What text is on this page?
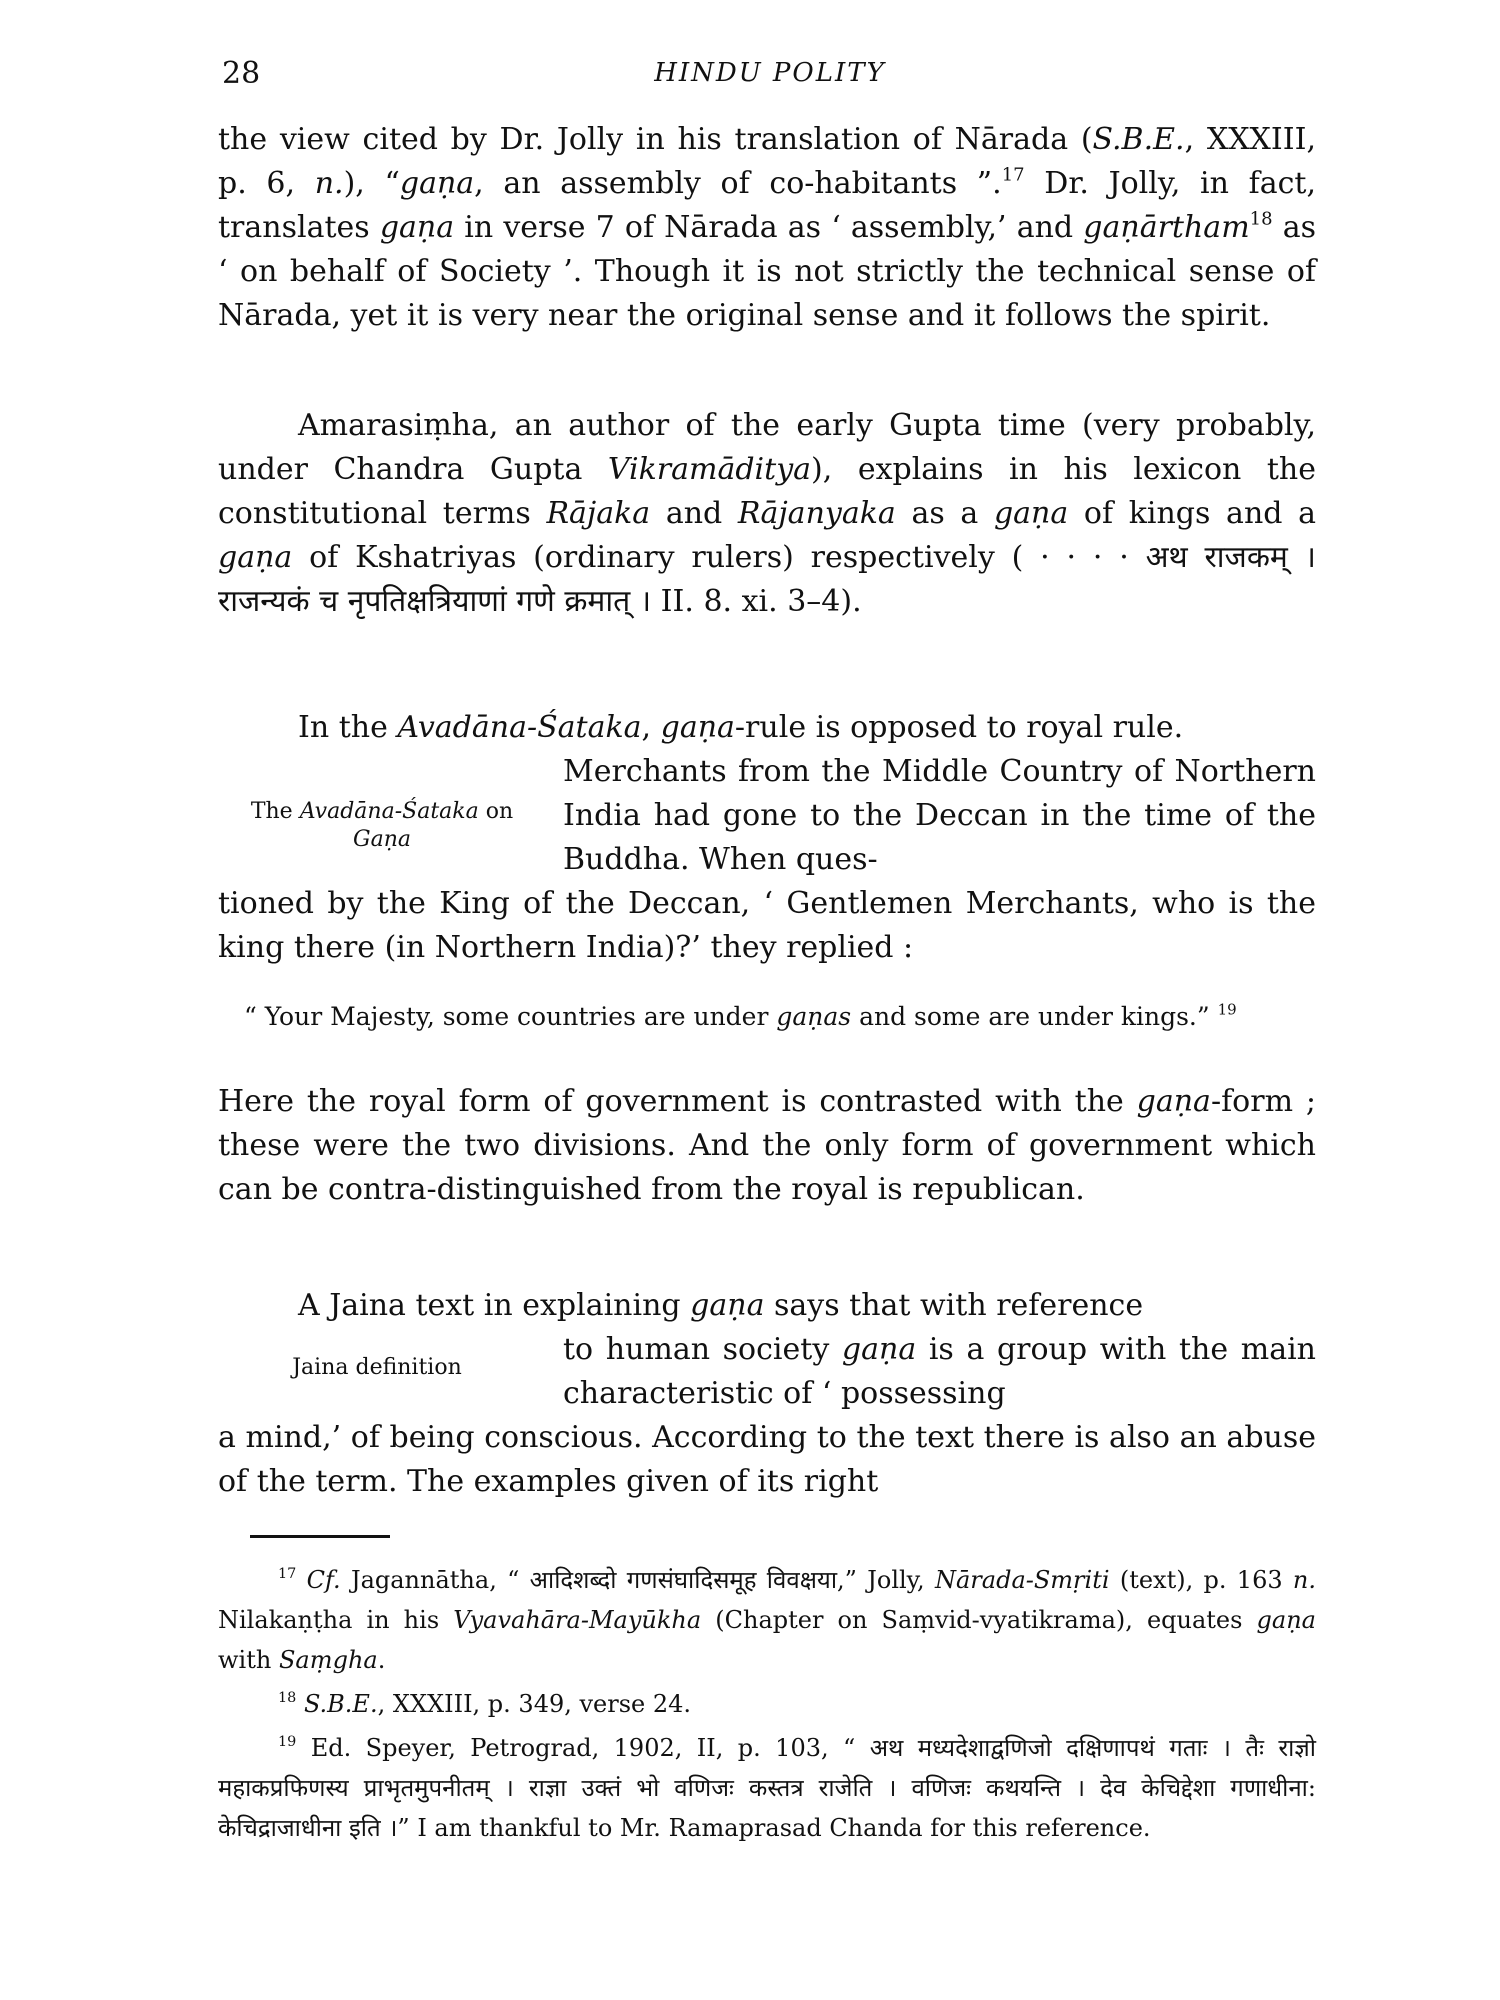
28	HINDU POLITY

the view cited by Dr. Jolly in his translation of Nārada (S.B.E., XXXIII, p. 6, n.), “gaṇa, an assembly of co-habitants ”.$^{17}$ Dr. Jolly, in fact, translates gaṇa in verse 7 of Nārada as ‘ assembly,’ and gaṇārtham$^{18}$ as ‘ on behalf of Society ’. Though it is not strictly the technical sense of Nārada, yet it is very near the original sense and it follows the spirit.

Amarasiṃha, an author of the early Gupta time (very probably, under Chandra Gupta Vikramāditya), explains in his lexicon the constitutional terms Rājaka and Rājanyaka as a gaṇa of kings and a gaṇa of Kshatriyas (ordinary rulers) respectively ( · · · · अथ राजकम् । राजन्यकं च नृपतिक्षत्रियाणां गणे क्रमात् । II. 8. xi. 3–4).

In the Avadāna-Śataka, gaṇa-rule is opposed to royal rule.

Merchants from the Middle Country of Northern India had gone to the Deccan in the time of the Buddha. When ques-

tioned by the King of the Deccan, ‘ Gentlemen Merchants, who is the king there (in Northern India)?’ they replied :

The Avadāna-Śataka on Gaṇa

“ Your Majesty, some countries are under gaṇas and some are under kings.” $^{19}$

Here the royal form of government is contrasted with the gaṇa-form ; these were the two divisions. And the only form of government which can be contra-distinguished from the royal is republican.

A Jaina text in explaining gaṇa says that with reference

to human society gaṇa is a group with the main characteristic of ‘ possessing

a mind,’ of being conscious. According to the text there is also an abuse of the term. The examples given of its right

Jaina definition

$^{17}$ Cf. Jagannātha, “ आदिशब्दो गणसंघादिसमूह विवक्षया,” Jolly, Nārada-Smṛiti (text), p. 163 n. Nilakaṇṭha in his Vyavahāra-Mayūkha (Chapter on Saṃvid-vyatikrama), equates gaṇa with Saṃgha.

$^{18}$ S.B.E., XXXIII, p. 349, verse 24.

$^{19}$ Ed. Speyer, Petrograd, 1902, II, p. 103, “ अथ मध्यदेशाद्वणिजो दक्षिणापथं गताः । तैः राज्ञो महाकप्रफिणस्य प्राभृतमुपनीतम् । राज्ञा उक्तं भो वणिजः कस्तत्र राजेति । वणिजः कथयन्ति । देव केचिद्देशा गणाधीना: केचिद्राजाधीना इति ।” I am thankful to Mr. Ramaprasad Chanda for this reference.
